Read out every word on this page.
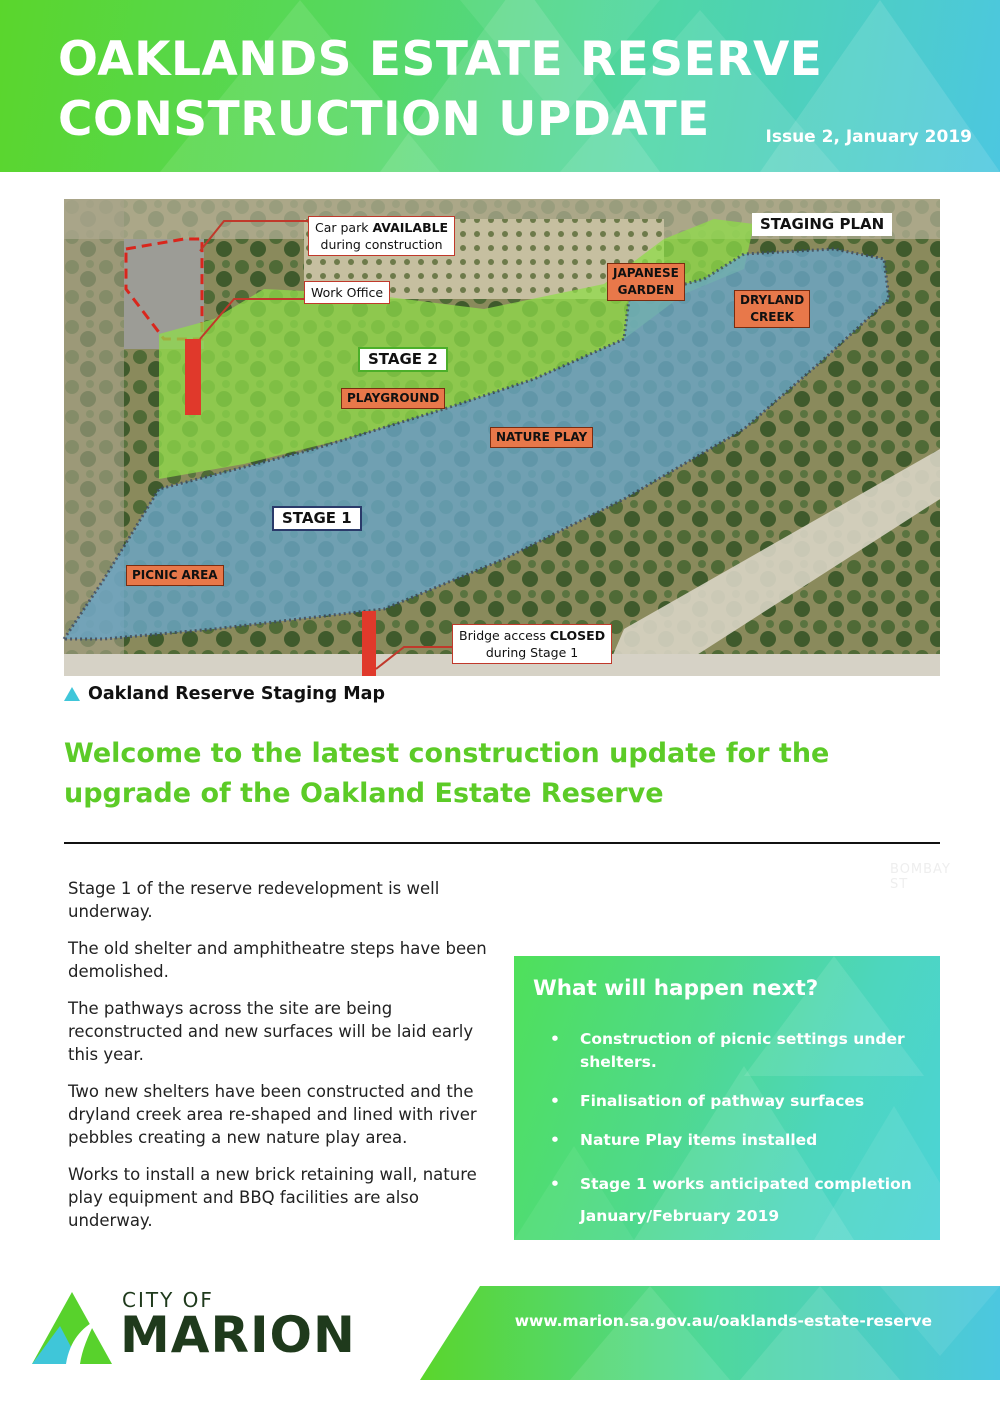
OAKLANDS ESTATE RESERVE
CONSTRUCTION UPDATE	Issue 2, January 2019
Car park AVAILABLE
during construction
STAGING PLAN
Work Office
JAPANESE
GARDEN
DRYLAND
CREEK
STAGE 2
PLAYGROUND
NATURE PLAY
STAGE 1
PICNIC AREA
STURT RIVER
Bridge access CLOSED
during Stage 1
BOMBAY ST
Oakland Reserve Staging Map
Welcome to the latest construction update for the upgrade of the Oakland Estate Reserve

Stage 1 of the reserve redevelopment is well underway.

The old shelter and amphitheatre steps have been demolished.

The pathways across the site are being reconstructed and new surfaces will be laid early this year.

Two new shelters have been constructed and the dryland creek area re-shaped and lined with river pebbles creating a new nature play area.

Works to install a new brick retaining wall, nature play equipment and BBQ facilities are also underway.

What will happen next?
• Construction of picnic settings under shelters.
• Finalisation of pathway surfaces
• Nature Play items installed
• Stage 1 works anticipated completion January/February 2019
CITY OF
MARION	www.marion.sa.gov.au/oaklands-estate-reserve
